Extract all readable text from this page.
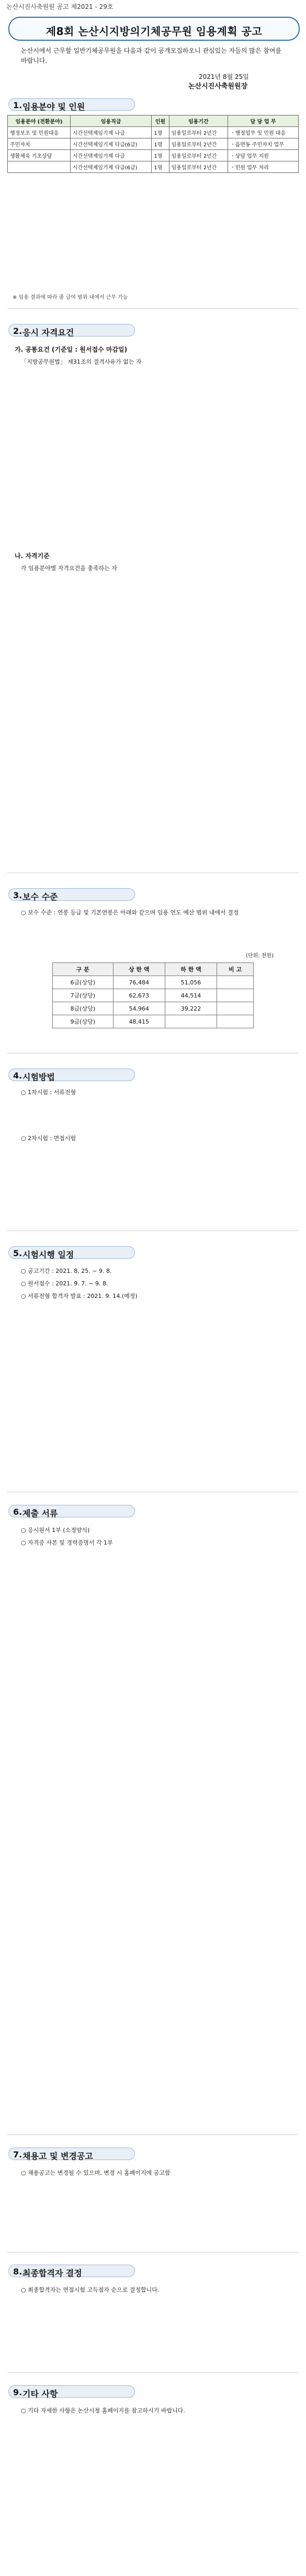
논산시진사축원원 공고 제2021 - 29호
제8회 논산시지방의기체공무원 임용계획 공고
논산시에서 근무할 일반기체공무원을 다음과 같이 공개모집하오니 관심있는 자들의 많은 참여를 바랍니다.
2021년 8월 25일
논산시진사축원원장
1. 임용분야 및 인원
임용분야 (전환분야)	임용직급	인원	임용기간	담 당 업 무
행정보조 및 민원대응	시간선택제임기제 나급	1명	임용일로부터 2년간	ㆍ행정업무 및 민원 대응
주민자치	시간선택제임기제 다급(6급)	1명	임용일로부터 2년간	ㆍ읍면동 주민자치 업무
생활체육 기초상담	시간선택제임기제 다급	1명	임용일로부터 2년간	ㆍ상담 업무 지원
	시간선택제임기제 다급(6급)	1명	임용일로부터 2년간	ㆍ민원 업무 처리
※ 임용 결과에 따라 총 급여 범위 내에서 근무 가능
2. 응시 자격요건
가. 공통요건 (기준일 : 원서접수 마감일)
「지방공무원법」 제31조의 결격사유가 없는 자
나. 자격기준
각 임용분야별 자격요건을 충족하는 자
3. 보수 수준
○ 보수 수준 : 연봉 등급 및 기본연봉은 아래와 같으며 임용 연도 예산 범위 내에서 결정
(단위: 천원)
구 분	상 한 액	하 한 액	비 고
6급(상당)	76,484	51,056	
7급(상당)	62,673	44,514	
8급(상당)	54,964	39,222	
9급(상당)	48,415		
4. 시험방법
○ 1차시험 : 서류전형
○ 2차시험 : 면접시험
5. 시험시행 일정
○ 공고기간 : 2021. 8. 25. ~ 9. 8.
○ 원서접수 : 2021. 9. 7. ~ 9. 8.
○ 서류전형 합격자 발표 : 2021. 9. 14.(예정)
6. 제출 서류
○ 응시원서 1부 (소정양식)
○ 자격증 사본 및 경력증명서 각 1부
7. 채용고 및 변경공고
○ 채용공고는 변경될 수 있으며, 변경 시 홈페이지에 공고함
8. 최종합격자 결정
○ 최종합격자는 면접시험 고득점자 순으로 결정합니다.
9. 기타 사항
○ 기타 자세한 사항은 논산시청 홈페이지를 참고하시기 바랍니다.
